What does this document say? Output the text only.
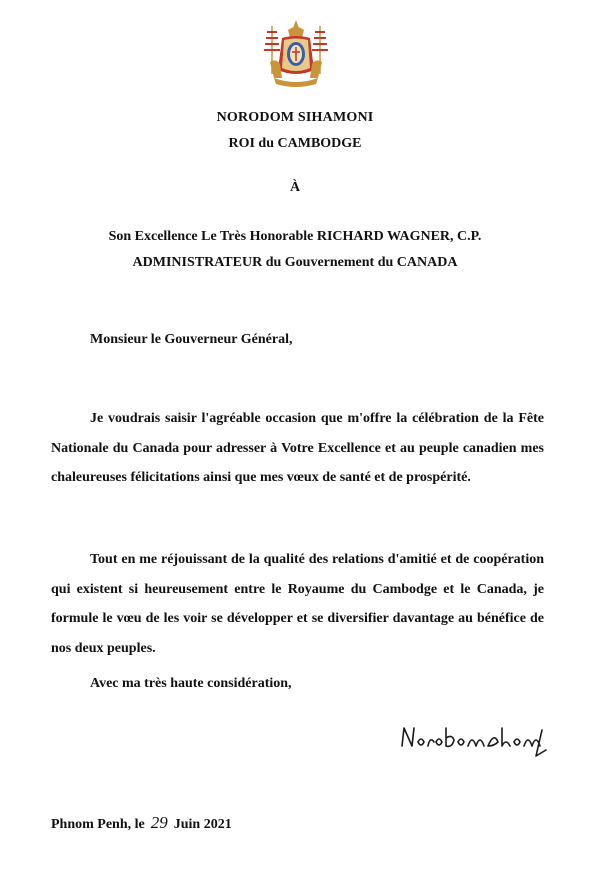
NORODOM SIHAMONI
ROI du CAMBODGE
À
Son Excellence Le Très Honorable RICHARD WAGNER, C.P.
ADMINISTRATEUR du Gouvernement du CANADA
Monsieur le Gouverneur Général,

Je voudrais saisir l'agréable occasion que m'offre la célébration de la Fête Nationale du Canada pour adresser à Votre Excellence et au peuple canadien mes chaleureuses félicitations ainsi que mes vœux de santé et de prospérité.

Tout en me réjouissant de la qualité des relations d'amitié et de coopération qui existent si heureusement entre le Royaume du Cambodge et le Canada, je formule le vœu de les voir se développer et se diversifier davantage au bénéfice de nos deux peuples.

Avec ma très haute considération,
Phnom Penh, le 29 Juin 2021
